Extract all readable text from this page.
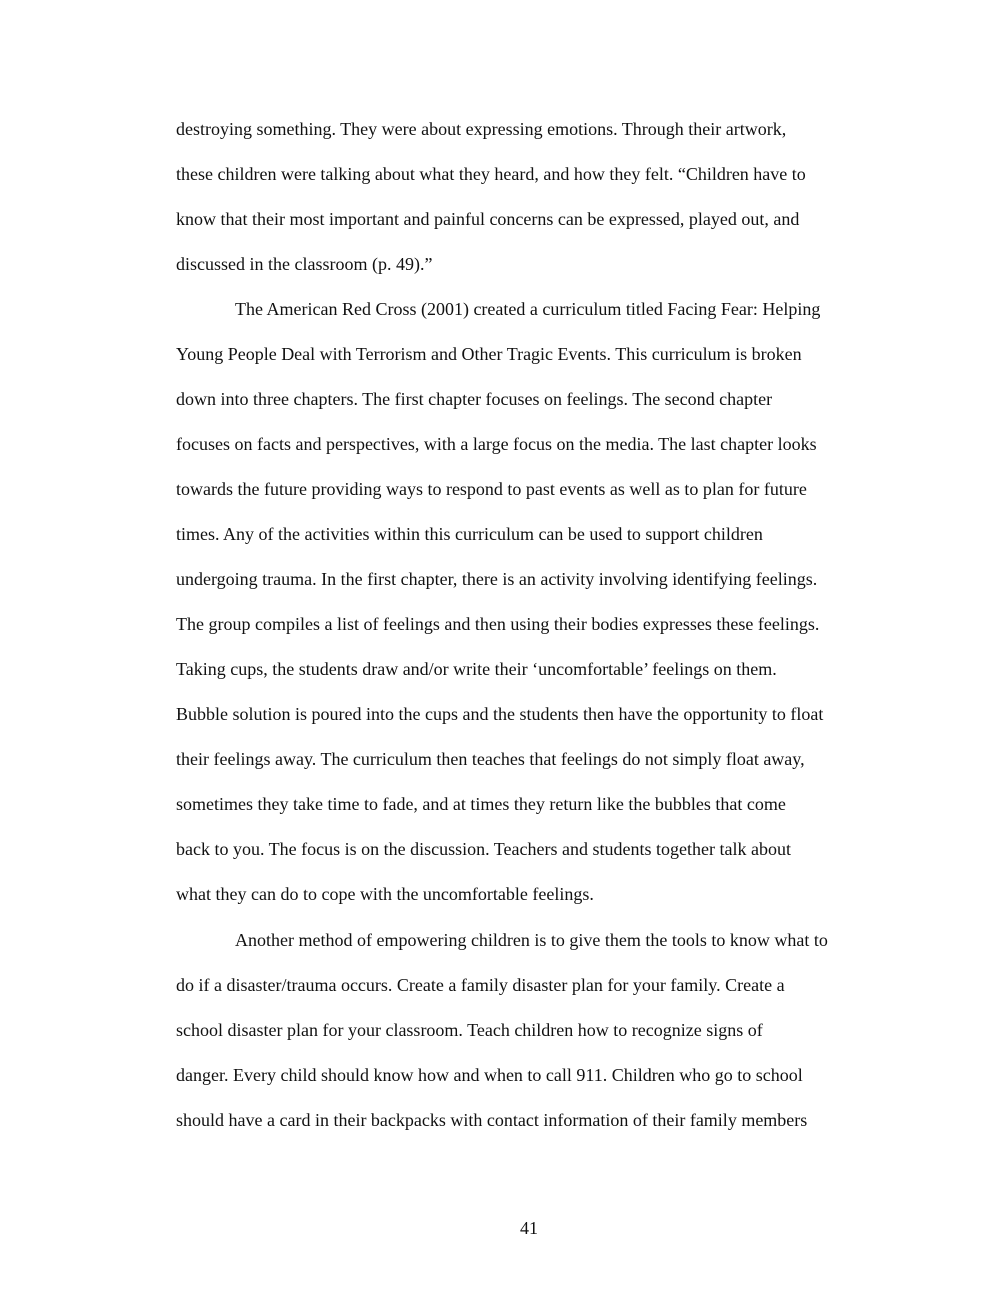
destroying something. They were about expressing emotions. Through their artwork,
these children were talking about what they heard, and how they felt. “Children have to
know that their most important and painful concerns can be expressed, played out, and
discussed in the classroom (p. 49).”
The American Red Cross (2001) created a curriculum titled Facing Fear: Helping
Young People Deal with Terrorism and Other Tragic Events. This curriculum is broken
down into three chapters. The first chapter focuses on feelings. The second chapter
focuses on facts and perspectives, with a large focus on the media. The last chapter looks
towards the future providing ways to respond to past events as well as to plan for future
times. Any of the activities within this curriculum can be used to support children
undergoing trauma. In the first chapter, there is an activity involving identifying feelings.
The group compiles a list of feelings and then using their bodies expresses these feelings.
Taking cups, the students draw and/or write their ‘uncomfortable’ feelings on them.
Bubble solution is poured into the cups and the students then have the opportunity to float
their feelings away. The curriculum then teaches that feelings do not simply float away,
sometimes they take time to fade, and at times they return like the bubbles that come
back to you. The focus is on the discussion. Teachers and students together talk about
what they can do to cope with the uncomfortable feelings.
Another method of empowering children is to give them the tools to know what to
do if a disaster/trauma occurs. Create a family disaster plan for your family. Create a
school disaster plan for your classroom. Teach children how to recognize signs of
danger. Every child should know how and when to call 911. Children who go to school
should have a card in their backpacks with contact information of their family members
41
